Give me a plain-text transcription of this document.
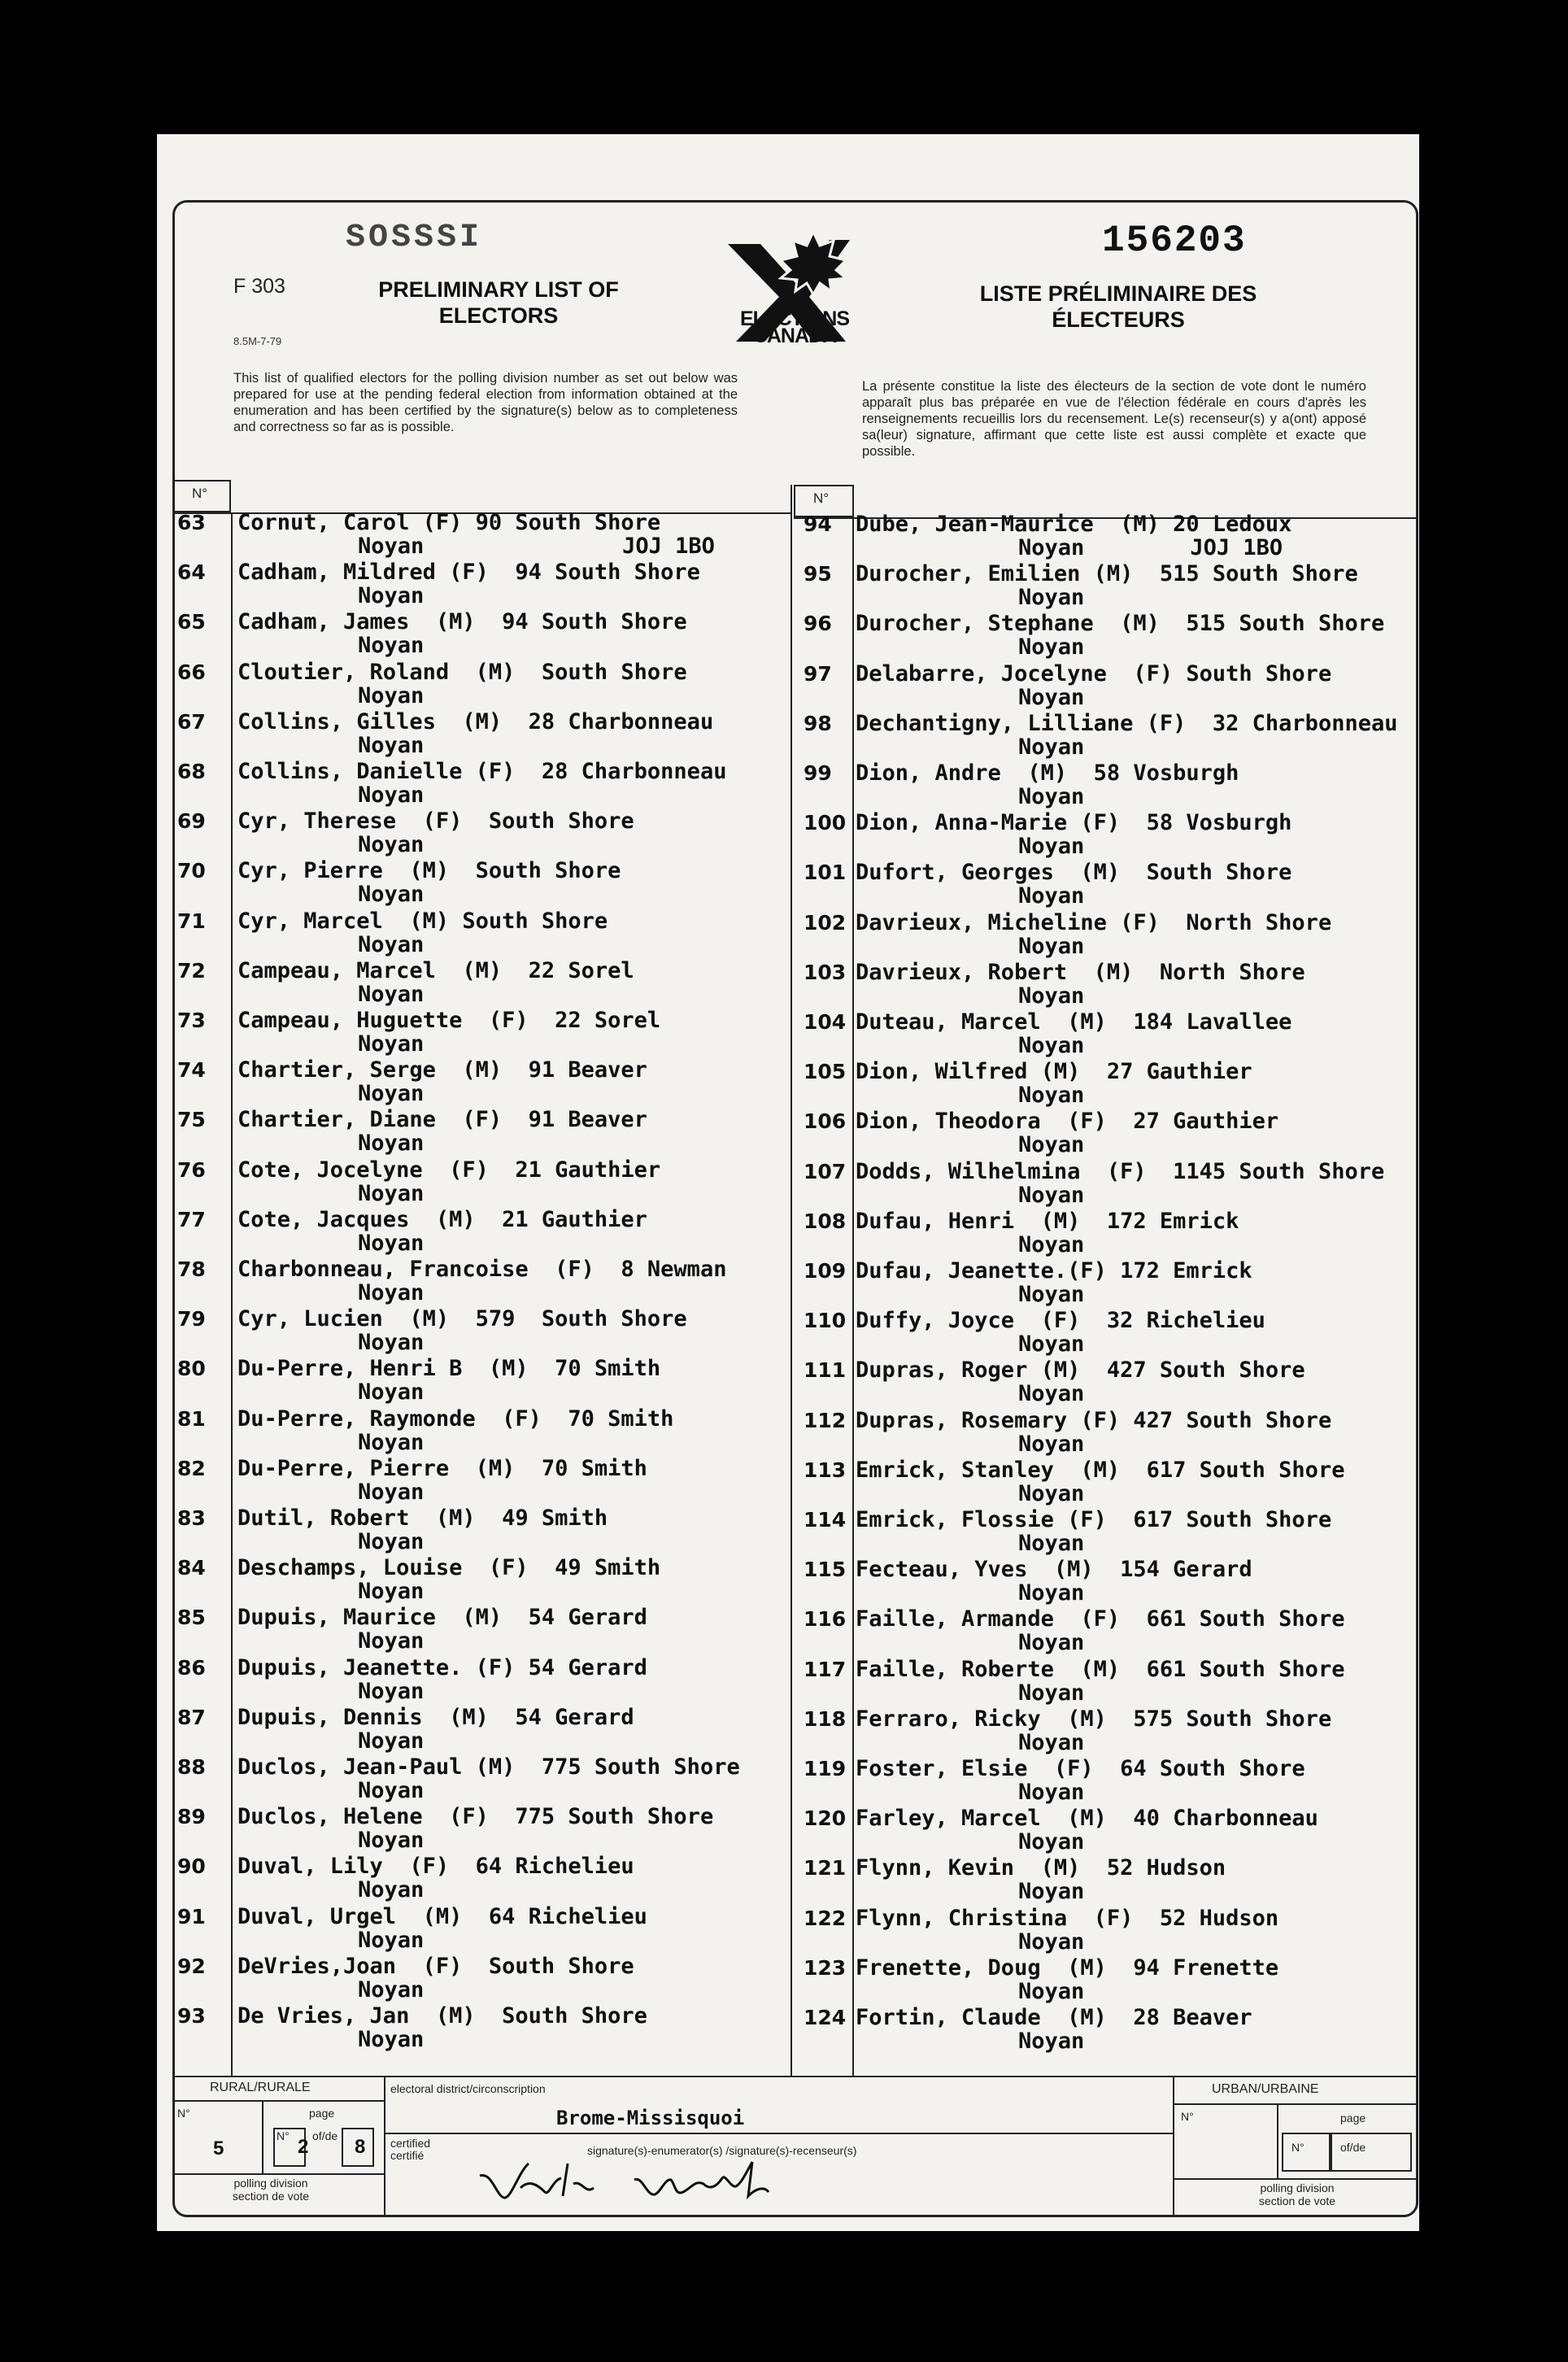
SOSSSI	156203
F 303
8.5M-7-79
PRELIMINARY LIST OF
ELECTORS
LISTE PRÉLIMINAIRE DES
ÉLECTEURS
ELECTIONS
CANADA
This list of qualified electors for the polling division number as set out below was prepared for use at the pending federal election from information obtained at the enumeration and has been certified by the signature(s) below as to completeness and correctness so far as is possible.
La présente constitue la liste des électeurs de la section de vote dont le numéro apparaît plus bas préparée en vue de l'élection fédérale en cours d'après les renseignements recueillis lors du recensement. Le(s) recenseur(s) y a(ont) apposé sa(leur) signature, affirmant que cette liste est aussi complète et exacte que possible.
N°	N°
63 Cornut, Carol (F) 90 South Shore
Noyan               JOJ 1BO
64 Cadham, Mildred (F)  94 South Shore
Noyan
65 Cadham, James  (M)  94 South Shore
Noyan
66 Cloutier, Roland  (M)  South Shore
Noyan
67 Collins, Gilles  (M)  28 Charbonneau
Noyan
68 Collins, Danielle (F)  28 Charbonneau
Noyan
69 Cyr, Therese  (F)  South Shore
Noyan
70 Cyr, Pierre  (M)  South Shore
Noyan
71 Cyr, Marcel  (M) South Shore
Noyan
72 Campeau, Marcel  (M)  22 Sorel
Noyan
73 Campeau, Huguette  (F)  22 Sorel
Noyan
74 Chartier, Serge  (M)  91 Beaver
Noyan
75 Chartier, Diane  (F)  91 Beaver
Noyan
76 Cote, Jocelyne  (F)  21 Gauthier
Noyan
77 Cote, Jacques  (M)  21 Gauthier
Noyan
78 Charbonneau, Francoise  (F)  8 Newman
Noyan
79 Cyr, Lucien  (M)  579  South Shore
Noyan
80 Du-Perre, Henri B  (M)  70 Smith
Noyan
81 Du-Perre, Raymonde  (F)  70 Smith
Noyan
82 Du-Perre, Pierre  (M)  70 Smith
Noyan
83 Dutil, Robert  (M)  49 Smith
Noyan
84 Deschamps, Louise  (F)  49 Smith
Noyan
85 Dupuis, Maurice  (M)  54 Gerard
Noyan
86 Dupuis, Jeanette. (F) 54 Gerard
Noyan
87 Dupuis, Dennis  (M)  54 Gerard
Noyan
88 Duclos, Jean-Paul (M)  775 South Shore
Noyan
89 Duclos, Helene  (F)  775 South Shore
Noyan
90 Duval, Lily  (F)  64 Richelieu
Noyan
91 Duval, Urgel  (M)  64 Richelieu
Noyan
92 DeVries,Joan  (F)  South Shore
Noyan
93 De Vries, Jan  (M)  South Shore
Noyan
94 Dube, Jean-Maurice  (M) 20 Ledoux
Noyan        JOJ 1BO
95 Durocher, Emilien (M)  515 South Shore
Noyan
96 Durocher, Stephane  (M)  515 South Shore
Noyan
97 Delabarre, Jocelyne  (F) South Shore
Noyan
98 Dechantigny, Lilliane (F)  32 Charbonneau
Noyan
99 Dion, Andre  (M)  58 Vosburgh
Noyan
100 Dion, Anna-Marie (F)  58 Vosburgh
Noyan
101 Dufort, Georges  (M)  South Shore
Noyan
102 Davrieux, Micheline (F)  North Shore
Noyan
103 Davrieux, Robert  (M)  North Shore
Noyan
104 Duteau, Marcel  (M)  184 Lavallee
Noyan
105 Dion, Wilfred (M)  27 Gauthier
Noyan
106 Dion, Theodora  (F)  27 Gauthier
Noyan
107 Dodds, Wilhelmina  (F)  1145 South Shore
Noyan
108 Dufau, Henri  (M)  172 Emrick
Noyan
109 Dufau, Jeanette.(F) 172 Emrick
Noyan
110 Duffy, Joyce  (F)  32 Richelieu
Noyan
111 Dupras, Roger (M)  427 South Shore
Noyan
112 Dupras, Rosemary (F) 427 South Shore
Noyan
113 Emrick, Stanley  (M)  617 South Shore
Noyan
114 Emrick, Flossie (F)  617 South Shore
Noyan
115 Fecteau, Yves  (M)  154 Gerard
Noyan
116 Faille, Armande  (F)  661 South Shore
Noyan
117 Faille, Roberte  (M)  661 South Shore
Noyan
118 Ferraro, Ricky  (M)  575 South Shore
Noyan
119 Foster, Elsie  (F)  64 South Shore
Noyan
120 Farley, Marcel  (M)  40 Charbonneau
Noyan
121 Flynn, Kevin  (M)  52 Hudson
Noyan
122 Flynn, Christina  (F)  52 Hudson
Noyan
123 Frenette, Doug  (M)  94 Frenette
Noyan
124 Fortin, Claude  (M)  28 Beaver
Noyan
RURAL/RURALE
N°	page
5
N° of/de
2 8
polling division
section de vote
electoral district/circonscription
Brome-Missisquoi
certified
certifié	signature(s)-enumerator(s) /signature(s)-recenseur(s)
URBAN/URBAINE
N°	page
N°	of/de
polling division
section de vote
